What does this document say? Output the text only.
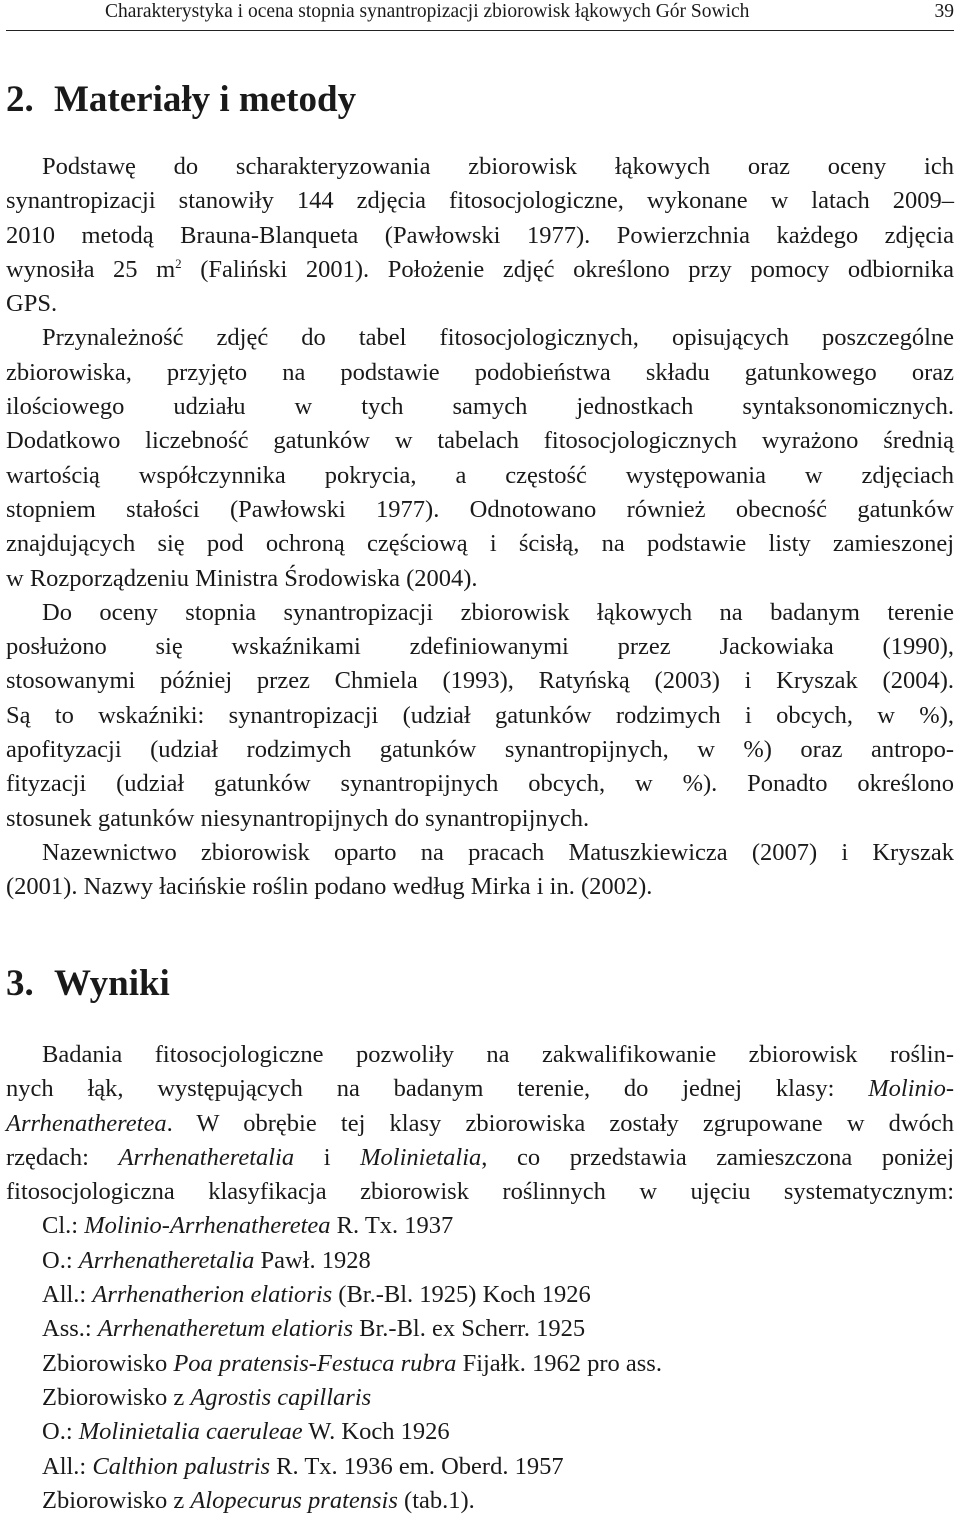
Charakterystyka i ocena stopnia synantropizacji zbiorowisk łąkowych Gór Sowich	39
2. Materiały i metody
Podstawę do scharakteryzowania zbiorowisk łąkowych oraz oceny ich
synantropizacji stanowiły 144 zdjęcia fitosocjologiczne, wykonane w latach 2009–
2010 metodą Brauna-Blanqueta (Pawłowski 1977). Powierzchnia każdego zdjęcia
wynosiła 25 $m^2$ (Faliński 2001). Położenie zdjęć określono przy pomocy odbiornika
GPS.
Przynależność zdjęć do tabel fitosocjologicznych, opisujących poszczególne
zbiorowiska, przyjęto na podstawie podobieństwa składu gatunkowego oraz
ilościowego udziału w tych samych jednostkach syntaksonomicznych.
Dodatkowo liczebność gatunków w tabelach fitosocjologicznych wyrażono średnią
wartością współczynnika pokrycia, a częstość występowania w zdjęciach
stopniem stałości (Pawłowski 1977). Odnotowano również obecność gatunków
znajdujących się pod ochroną częściową i ścisłą, na podstawie listy zamieszonej
w Rozporządzeniu Ministra Środowiska (2004).
Do oceny stopnia synantropizacji zbiorowisk łąkowych na badanym terenie
posłużono się wskaźnikami zdefiniowanymi przez Jackowiaka (1990),
stosowanymi później przez Chmiela (1993), Ratyńską (2003) i Kryszak (2004).
Są to wskaźniki: synantropizacji (udział gatunków rodzimych i obcych, w %),
apofityzacji (udział rodzimych gatunków synantropijnych, w %) oraz antropo-
fityzacji (udział gatunków synantropijnych obcych, w %). Ponadto określono
stosunek gatunków niesynantropijnych do synantropijnych.
Nazewnictwo zbiorowisk oparto na pracach Matuszkiewicza (2007) i Kryszak
(2001). Nazwy łacińskie roślin podano według Mirka i in. (2002).
3. Wyniki
Badania fitosocjologiczne pozwoliły na zakwalifikowanie zbiorowisk roślin-
nych łąk, występujących na badanym terenie, do jednej klasy: Molinio-
Arrhenatheretea. W obrębie tej klasy zbiorowiska zostały zgrupowane w dwóch
rzędach: Arrhenatheretalia i Molinietalia, co przedstawia zamieszczona poniżej
fitosocjologiczna klasyfikacja zbiorowisk roślinnych w ujęciu systematycznym:
Cl.: Molinio-Arrhenatheretea R. Tx. 1937
O.: Arrhenatheretalia Pawł. 1928
All.: Arrhenatherion elatioris (Br.-Bl. 1925) Koch 1926
Ass.: Arrhenatheretum elatioris Br.-Bl. ex Scherr. 1925
Zbiorowisko Poa pratensis-Festuca rubra Fijałk. 1962 pro ass.
Zbiorowisko z Agrostis capillaris
O.: Molinietalia caeruleae W. Koch 1926
All.: Calthion palustris R. Tx. 1936 em. Oberd. 1957
Zbiorowisko z Alopecurus pratensis (tab.1).
